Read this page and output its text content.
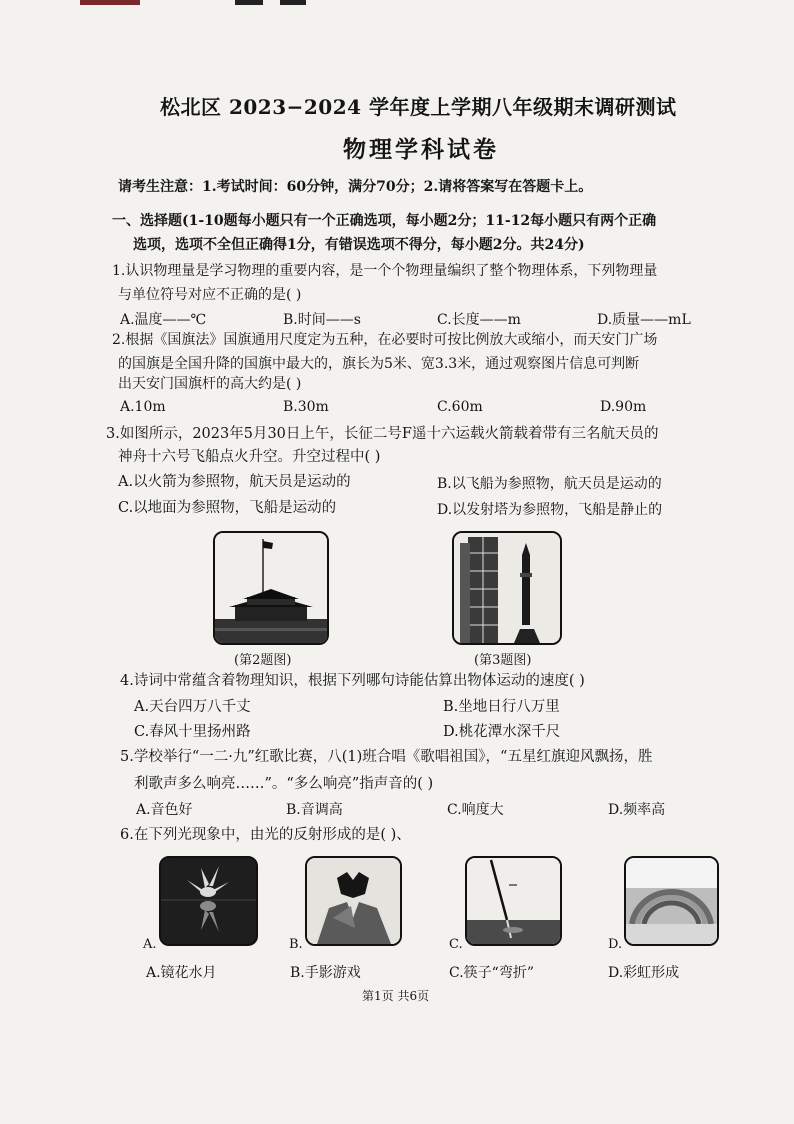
松北区 2023−2024 学年度上学期八年级期末调研测试
物理学科试卷
请考生注意：1.考试时间：60分钟，满分70分；2.请将答案写在答题卡上。
一、选择题(1-10题每小题只有一个正确选项，每小题2分；11-12每小题只有两个正确
选项，选项不全但正确得1分，有错误选项不得分，每小题2分。共24分)
1.认识物理量是学习物理的重要内容，是一个个物理量编织了整个物理体系，下列物理量
与单位符号对应不正确的是( )
A.温度——℃	B.时间——s	C.长度——m	D.质量——mL
2.根据《国旗法》国旗通用尺度定为五种，在必要时可按比例放大或缩小，而天安门广场
的国旗是全国升降的国旗中最大的，旗长为5米、宽3.3米，通过观察图片信息可判断
出天安门国旗杆的高大约是( )
A.10m	B.30m	C.60m	D.90m
3.如图所示，2023年5月30日上午，长征二号F遥十六运载火箭载着带有三名航天员的
神舟十六号飞船点火升空。升空过程中( )
A.以火箭为参照物，航天员是运动的	B.以飞船为参照物，航天员是运动的
C.以地面为参照物，飞船是运动的	D.以发射塔为参照物，飞船是静止的
(第2题图)	(第3题图)
4.诗词中常蕴含着物理知识，根据下列哪句诗能估算出物体运动的速度( )
A.天台四万八千丈	B.坐地日行八万里
C.春风十里扬州路	D.桃花潭水深千尺
5.学校举行“一二·九”红歌比赛，八(1)班合唱《歌唱祖国》，“五星红旗迎风飘扬，胜
利歌声多么响亮……”。“多么响亮”指声音的( )
A.音色好	B.音调高	C.响度大	D.频率高
6.在下列光现象中，由光的反射形成的是( )、
A.	B.	C.	D.
A.镜花水月	B.手影游戏	C.筷子“弯折”	D.彩虹形成
第1页 共6页
